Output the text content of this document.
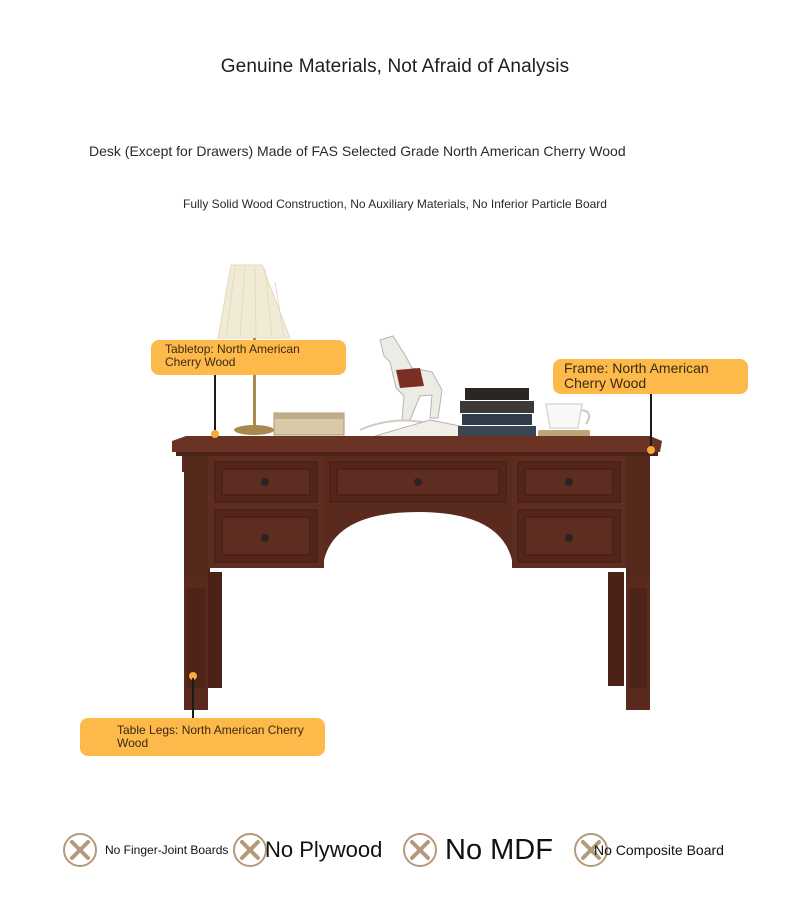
Genuine Materials, Not Afraid of Analysis
Desk (Except for Drawers) Made of FAS Selected Grade North American Cherry Wood
Fully Solid Wood Construction, No Auxiliary Materials, No Inferior Particle Board
Tabletop: North American Cherry Wood	Frame: North American Cherry Wood
Table Legs: North American Cherry Wood
No Finger-Joint Boards No Plywood No MDF	No Composite Board
